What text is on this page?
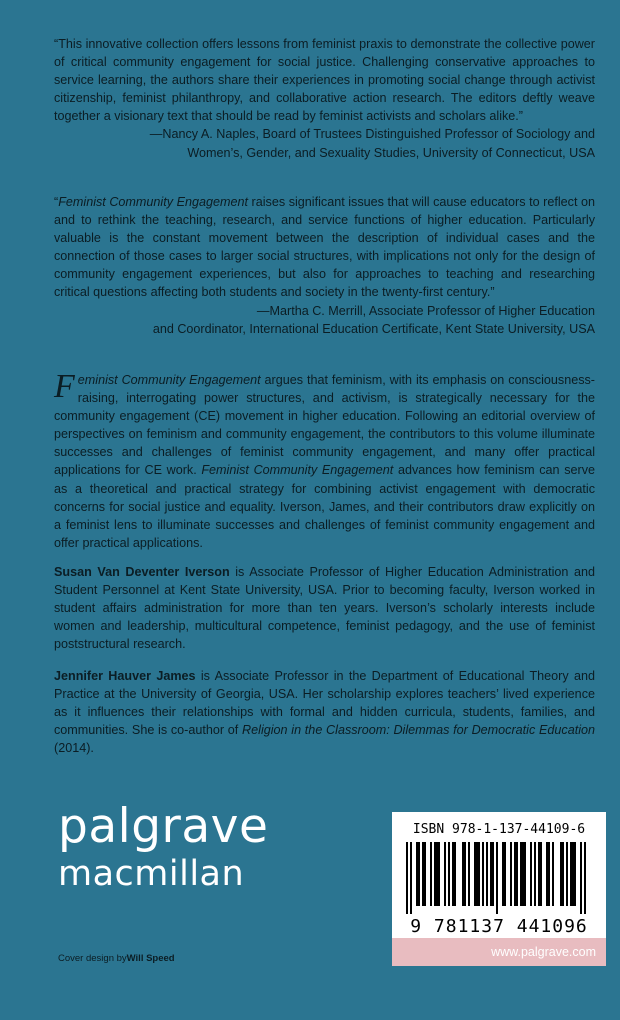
“This innovative collection offers lessons from feminist praxis to demonstrate the collective power of critical community engagement for social justice. Challenging conservative approaches to service learning, the authors share their experiences in promoting social change through activist citizenship, feminist philanthropy, and collaborative action research. The editors deftly weave together a visionary text that should be read by feminist activists and scholars alike.”

—Nancy A. Naples, Board of Trustees Distinguished Professor of Sociology and
Women’s, Gender, and Sexuality Studies, University of Connecticut, USA

“Feminist Community Engagement raises significant issues that will cause educators to reflect on and to rethink the teaching, research, and service functions of higher education. Particularly valuable is the constant movement between the description of individual cases and the connection of those cases to larger social structures, with implications not only for the design of community engagement experiences, but also for approaches to teaching and researching critical questions affecting both students and society in the twenty-first century.”

—Martha C. Merrill, Associate Professor of Higher Education
and Coordinator, International Education Certificate, Kent State University, USA

Feminist Community Engagement argues that feminism, with its emphasis on consciousness-raising, interrogating power structures, and activism, is strategically necessary for the community engagement (CE) movement in higher education. Following an editorial overview of perspectives on feminism and community engagement, the contributors to this volume illuminate successes and challenges of feminist community engagement, and many offer practical applications for CE work. Feminist Community Engagement advances how feminism can serve as a theoretical and practical strategy for combining activist engagement with democratic concerns for social justice and equality. Iverson, James, and their contributors draw explicitly on a feminist lens to illuminate successes and challenges of feminist community engagement and offer practical applications.

Susan Van Deventer Iverson is Associate Professor of Higher Education Administration and Student Personnel at Kent State University, USA. Prior to becoming faculty, Iverson worked in student affairs administration for more than ten years. Iverson’s scholarly interests include women and leadership, multicultural competence, feminist pedagogy, and the use of feminist poststructural research.

Jennifer Hauver James is Associate Professor in the Department of Educational Theory and Practice at the University of Georgia, USA. Her scholarship explores teachers’ lived experience as it influences their relationships with formal and hidden curricula, students, families, and communities. She is co-author of Religion in the Classroom: Dilemmas for Democratic Education (2014).

palgrave
macmillan
ISBN 978-1-137-44109-6
9 781137 441096
www.palgrave.com
Cover design byWill Speed
